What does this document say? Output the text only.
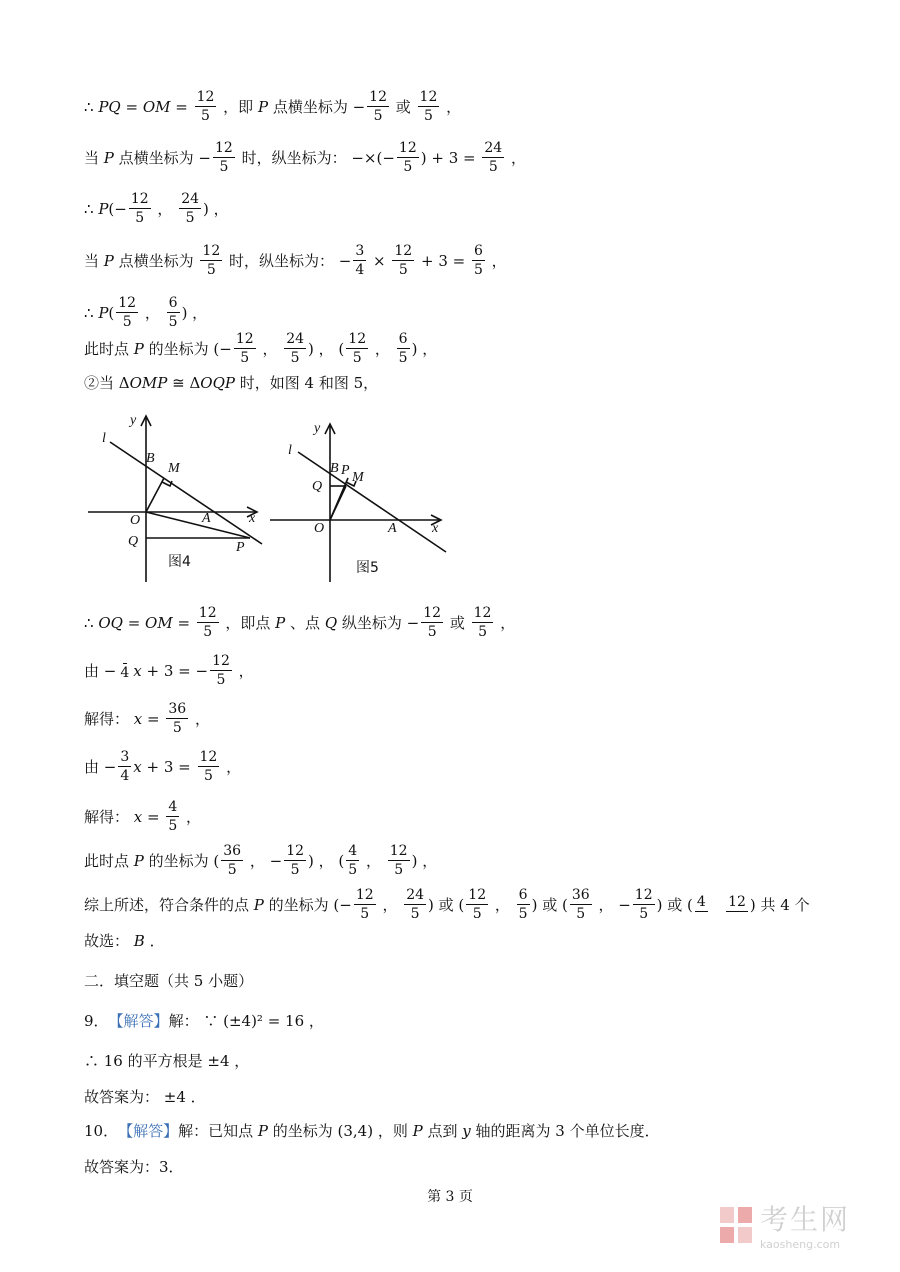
∴ PQ = OM = $\frac{12}{5}$ ，即 P 点横坐标为 − $\frac{12}{5}$ 或 $\frac{12}{5}$ ，
当 P 点横坐标为 − $\frac{12}{5}$ 时，纵坐标为： −×(− $\frac{12}{5}$ ) + $3 = \frac{24}{5}$ ，
∴ P (− $\frac{12}{5}$ ， $\frac{24}{5}$ ) ，
当 P 点横坐标为 $\frac{12}{5}$ 时，纵坐标为： − $\frac{3}{4} \times \frac{12}{5} + 3 = \frac{6}{5}$ ，
∴ P ( $\frac{12}{5}$ ， $\frac{6}{5}$ ) ，
此时点 P 的坐标为 (− $\frac{12}{5}$ ， $\frac{24}{5}$ ) ， ( $\frac{12}{5}$ ， $\frac{6}{5}$ ) ，
②当 Δ OMP ≅ Δ OQP 时，如图 4 和图 5，
∴ OQ = OM = $\frac{12}{5}$ ，即点 P 、点 Q 纵坐标为 − $\frac{12}{5}$ 或 $\frac{12}{5}$ ，
由 − 4 x + 3 = − $\frac{12}{5}$ ，
解得： $x = \frac{36}{5}$ ，
由 − $\frac{3}{4}$ $x + 3 = \frac{12}{5}$ ，
解得： $x = \frac{4}{5}$ ，
此时点 P 的坐标为 ( $\frac{36}{5}$ ， − $\frac{12}{5}$ ) ， ( $\frac{4}{5}$ ， $\frac{12}{5}$ ) ，
综上所述，符合条件的点 P 的坐标为 (− $\frac{12}{5}$ ， $\frac{24}{5}$ ) 或 ( $\frac{12}{5}$ ， $\frac{6}{5}$ ) 或 ( $\frac{36}{5}$ ， − $\frac{12}{5}$ ) 或 ( 4
12 ) 共 4 个
故选： B ．
二．填空题（共 5 小题）
9． 【解答】 解： ∵ (±4)² = 16 ，
∴ 16 的平方根是 ±4 ，
故答案为： ±4 ．
10． 【解答】 解：已知点 P 的坐标为 (3,4) ，则 P 点到 y 轴的距离为 3 个单位长度．
故答案为：3．
y
l
B
M
O	A	x
Q	P
图4
y
l
B P M
Q
O	A	x
图5
第 3 页
考生网
kaosheng.com
